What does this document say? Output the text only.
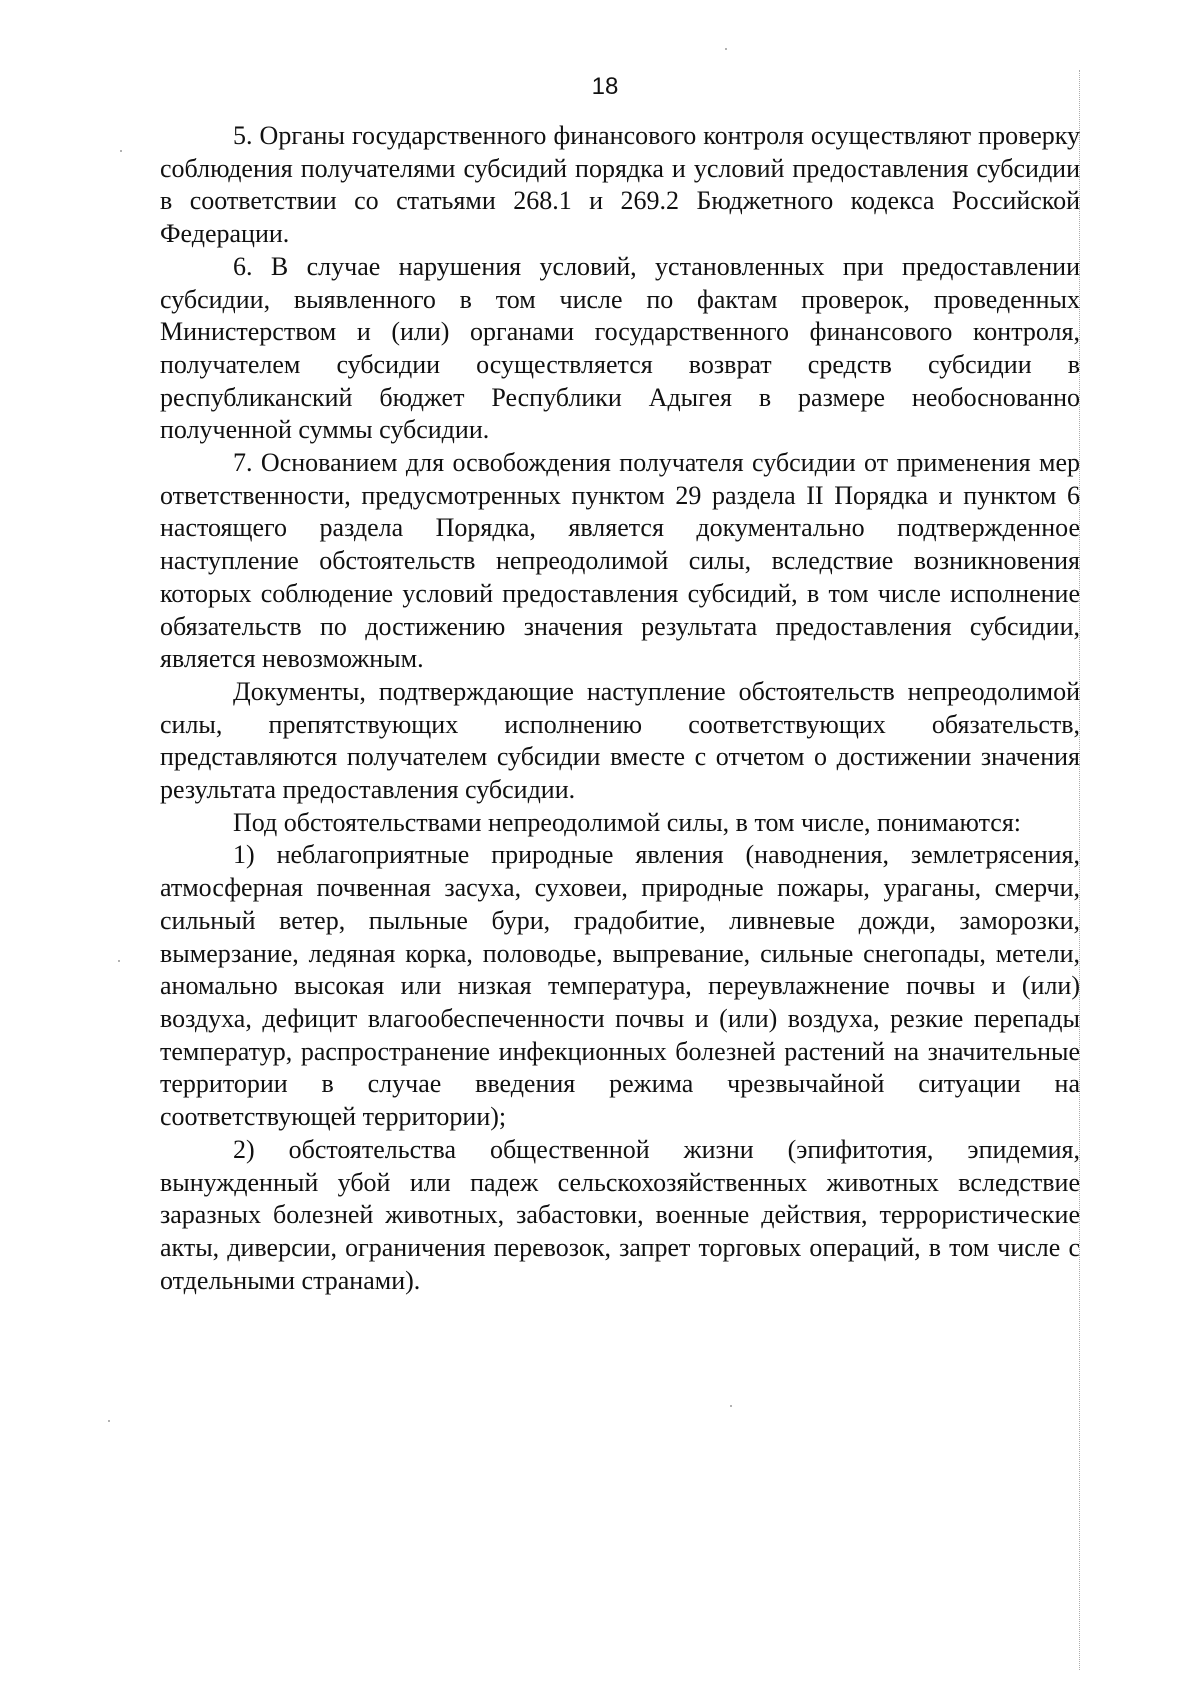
18

5. Органы государственного финансового контроля осуществляют проверку соблюдения получателями субсидий порядка и условий предоставления субсидии в соответствии со статьями 268.1 и 269.2 Бюджетного кодекса Российской Федерации.

6. В случае нарушения условий, установленных при предоставлении субсидии, выявленного в том числе по фактам проверок, проведенных Министерством и (или) органами государственного финансового контроля, получателем субсидии осуществляется возврат средств субсидии в республиканский бюджет Республики Адыгея в размере необоснованно полученной суммы субсидии.

7. Основанием для освобождения получателя субсидии от применения мер ответственности, предусмотренных пунктом 29 раздела II Порядка и пунктом 6 настоящего раздела Порядка, является документально подтвержденное наступление обстоятельств непреодолимой силы, вследствие возникновения которых соблюдение условий предоставления субсидий, в том числе исполнение обязательств по достижению значения результата предоставления субсидии, является невозможным.

Документы, подтверждающие наступление обстоятельств непреодолимой силы, препятствующих исполнению соответствующих обязательств, представляются получателем субсидии вместе с отчетом о достижении значения результата предоставления субсидии.

Под обстоятельствами непреодолимой силы, в том числе, понимаются:

1) неблагоприятные природные явления (наводнения, землетрясения, атмосферная почвенная засуха, суховеи, природные пожары, ураганы, смерчи, сильный ветер, пыльные бури, градобитие, ливневые дожди, заморозки, вымерзание, ледяная корка, половодье, выпревание, сильные снегопады, метели, аномально высокая или низкая температура, переувлажнение почвы и (или) воздуха, дефицит влагообеспеченности почвы и (или) воздуха, резкие перепады температур, распространение инфекционных болезней растений на значительные территории в случае введения режима чрезвычайной ситуации на соответствующей территории);

2) обстоятельства общественной жизни (эпифитотия, эпидемия, вынужденный убой или падеж сельскохозяйственных животных вследствие заразных болезней животных, забастовки, военные действия, террористические акты, диверсии, ограничения перевозок, запрет торговых операций, в том числе с отдельными странами).
